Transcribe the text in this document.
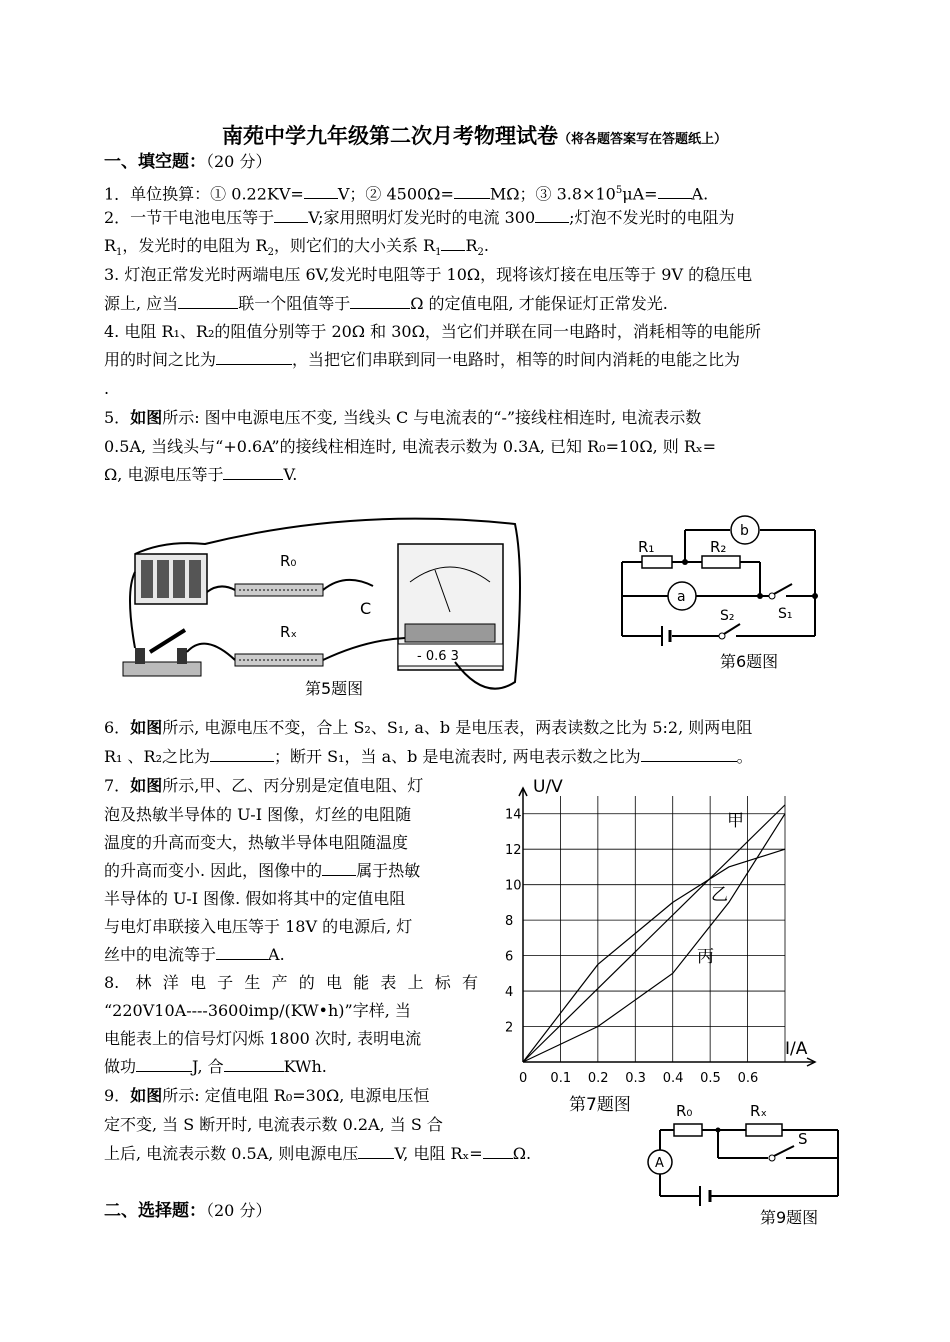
南苑中学九年级第二次月考物理试卷（将各题答案写在答题纸上）
一、填空题：（20 分）
1．单位换算：① 0.22KV= V；② 4500Ω= MΩ；③ $3.8\times 10^5\mu A= A$.
2．一节干电池电压等于 V;家用照明灯发光时的电流 300 ;灯泡不发光时的电阻为
$R_1$，发光时的电阻为 $R_2$，则它们的大小关系 $R_1$ $R_2$.
3. 灯泡正常发光时两端电压 6V,发光时电阻等于 10Ω，现将该灯接在电压等于 9V 的稳压电
源上, 应当	联一个阻值等于	Ω 的定值电阻, 才能保证灯正常发光.
4. 电阻 R₁、R₂的阻值分别等于 20Ω 和 30Ω，当它们并联在同一电路时，消耗相等的电能所
用的时间之比为	，当把它们串联到同一电路时，相等的时间内消耗的电能之比为
.
5．如图所示: 图中电源电压不变, 当线头 C 与电流表的“-”接线柱相连时, 电流表示数
0.5A, 当线头与“+0.6A”的接线柱相连时, 电流表示数为 0.3A, 已知 R₀=10Ω, 则 Rₓ=
Ω, 电源电压等于	V.
R₀
Rₓ
C
- 0.6 3
第5题图
R₁	R₂
a
b
S₁
S₂
第6题图
6．如图所示, 电源电压不变，合上 S₂、S₁, a、b 是电压表，两表读数之比为 5:2, 则两电阻
R₁ 、R₂之比为	；断开 S₁，当 a、b 是电流表时, 两电表示数之比为	。
7．如图所示,甲、乙、丙分别是定值电阻、灯
泡及热敏半导体的 U-I 图像，灯丝的电阻随
温度的升高而变大，热敏半导体电阻随温度
的升高而变小. 因此，图像中的 属于热敏
半导体的 U-I 图像. 假如将其中的定值电阻
与电灯串联接入电压等于 18V 的电源后, 灯
丝中的电流等于	A.
8. 林洋电子生产的电能表上标有
“220V10A----3600imp/(KW•h)”字样, 当
电能表上的信号灯闪烁 1800 次时, 表明电流
做功	J, 合	KWh.
9．如图所示: 定值电阻 R₀=30Ω, 电源电压恒
定不变, 当 S 断开时, 电流表示数 0.2A, 当 S 合
上后, 电流表示数 0.5A, 则电源电压 V, 电阻 Rₓ= Ω.
二、选择题：（20 分）
2
4
6
8
10
12
14
0 0.1 0.2 0.3 0.4 0.5 0.6
U/V
I/A
甲
乙
丙
第7题图	R₀	Rₓ
A
S
第9题图
